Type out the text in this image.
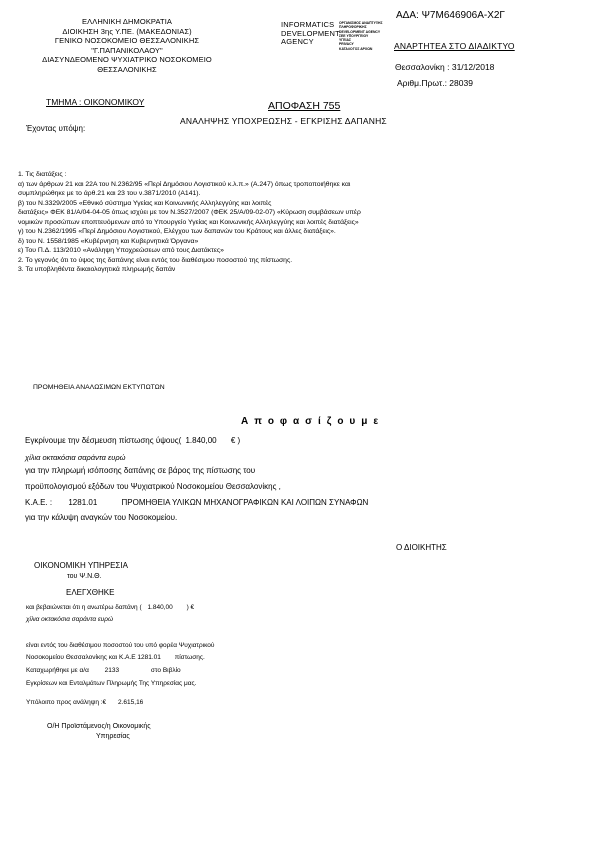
ΕΛΛΗΝΙΚΗ ΔΗΜΟΚΡΑΤΙΑ
ΔΙΟΙΚΗΣΗ 3ης Υ.ΠΕ. (ΜΑΚΕΔΟΝΙΑΣ)
ΓΕΝΙΚΟ ΝΟΣΟΚΟΜΕΙΟ ΘΕΣΣΑΛΟΝΙΚΗΣ
"Γ.ΠΑΠΑΝΙΚΟΛΑΟΥ"
ΔΙΑΣΥΝΔΕΟΜΕΝΟ ΨΥΧΙΑΤΡΙΚΟ ΝΟΣΟΚΟΜΕΙΟ
ΘΕΣΣΑΛΟΝΙΚΗΣ
INFORMATICS
DEVELOPMENT
AGENCY
ΟΡΓΑΝΙΣΜΟΣ ΑΝΑΠΤΥΞΗΣ
ΠΛΗΡΟΦΟΡΙΚΗΣ
DEVELOPMENT AGENCY
ΣΕΕ ΥΠΟΥΡΓΕΙΟΥ
ΥΓΕΙΑΣ
PRIVACY
ΚΑΤΑΛΟΓΟΣ ΑΡΧΩΝ
ΑΔΑ: Ψ7Μ646906Α-Χ2Γ
ΑΝΑΡΤΗΤΕΑ ΣΤΟ ΔΙΑΔΙΚΤΥΟ
Θεσσαλονίκη : 31/12/2018
Αριθμ.Πρωτ.: 28039
ΤΜΗΜΑ : ΟΙΚΟΝΟΜΙΚΟΥ	ΑΠΟΦΑΣΗ 755
ΑΝΑΛΗΨΗΣ ΥΠΟΧΡΕΩΣΗΣ - ΕΓΚΡΙΣΗΣ ΔΑΠΑΝΗΣ
Έχοντας υπόψη:
1. Τις διατάξεις :
α) των άρθρων 21 και 22Α του Ν.2362/95 «Περί Δημόσιου Λογιστικού κ.λ.π.» (Α.247) όπως τροποποιήθηκε και
συμπληρώθηκε με το άρθ.21 και 23 του ν.3871/2010 (Α141).
β) του Ν.3329/2005 «Εθνικό σύστημα Υγείας και Κοινωνικής Αλληλεγγύης και λοιπές
διατάξεις» ΦΕΚ 81/Α/04-04-05 όπως ισχύει με τον Ν.3527/2007 (ΦΕΚ 25/Α/09-02-07) «Κύρωση συμβάσεων υπέρ
νομικών προσώπων εποπτευόμενων από το Υπουργείο Υγείας και Κοινωνικής Αλληλεγγύης και λοιπές διατάξεις»
γ) του Ν.2362/1995 «Περί Δημόσιου Λογιστικού, Ελέγχου των δαπανών του Κράτους και άλλες διατάξεις».
δ) του Ν. 1558/1985 «Κυβέρνηση και Κυβερνητικά Όργανα»
ε) Του Π.Δ. 113/2010 «Ανάληψη Υποχρεώσεων από τους Διατάκτες»
2. Το γεγονός ότι το ύψος της δαπάνης είναι εντός του διαθέσιμου ποσοστού της πίστωσης.
3. Τα υποβληθέντα δικαιολογητικά πληρωμής δαπάν
ΠΡΟΜΗΘΕΙΑ ΑΝΑΛΩΣΙΜΩΝ ΕΚΤΥΠΩΤΩΝ
Α π ο φ α σ ί ζ ο υ μ ε
Εγκρίνουμε την δέσμευση πίστωσης ύψους( 1.840,00 € )
χίλια οκτακόσια σαράντα ευρώ
για την πληρωμή ισόποσης δαπάνης σε βάρος της πίστωσης του
προϋπολογισμού εξόδων του Ψυχιατρικού Νοσοκομείου Θεσσαλονίκης ,
Κ.Α.Ε. : 1281.01	ΠΡΟΜΗΘΕΙΑ ΥΛΙΚΩΝ ΜΗΧΑΝΟΓΡΑΦΙΚΩΝ ΚΑΙ ΛΟΙΠΩΝ ΣΥΝΑΦΩΝ
για την κάλυψη αναγκών του Νοσοκομείου.
Ο ΔΙΟΙΚΗΤΗΣ
ΟΙΚΟΝΟΜΙΚΗ ΥΠΗΡΕΣΙΑ
του Ψ.Ν.Θ.
ΕΛΕΓΧΘΗΚΕ
και βεβαιώνεται ότι η ανωτέρω δαπάνη ( 1.840,00 ) €
χίλια οκτακόσια σαράντα ευρώ
είναι εντός του διαθέσιμου ποσοστού του υπό φορέα Ψυχιατρικού
Νοσοκομείου Θεσσαλονίκης και Κ.Α.Ε 1281.01 πίστωσης.
Καταχωρήθηκε με α/α 2133	στο Βιβλίο
Εγκρίσεων και Ενταλμάτων Πληρωμής Της Υπηρεσίας μας.
Υπόλοιπο προς ανάληψη :€ 2.615,16
Ο/Η Προϊστάμενος/η Οικονομικής
Υπηρεσίας
